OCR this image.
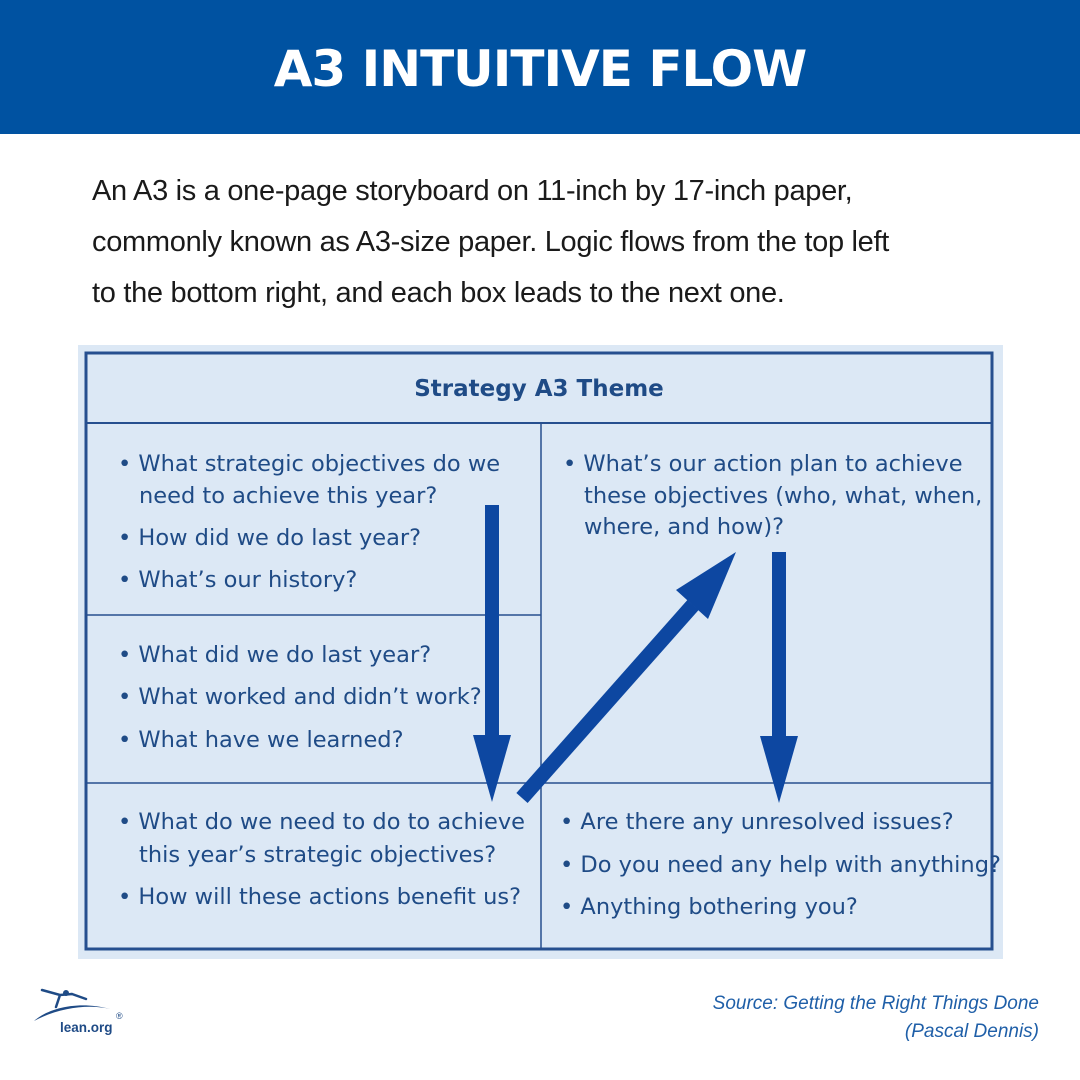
A3 INTUITIVE FLOW

An A3 is a one-page storyboard on 11-inch by 17-inch paper,

commonly known as A3-size paper. Logic flows from the top left

to the bottom right, and each box leads to the next one.

Strategy A3 Theme
• What strategic objectives do we
need to achieve this year?
• How did we do last year?
• What’s our history?
• What did we do last year?
• What worked and didn’t work?
• What have we learned?
• What do we need to do to achieve
this year’s strategic objectives?
• How will these actions benefit us?
• What’s our action plan to achieve
these objectives (who, what, when,
where, and how)?
• Are there any unresolved issues?
• Do you need any help with anything?
• Anything bothering you?
lean.org
®
Source: Getting the Right Things Done
(Pascal Dennis)
